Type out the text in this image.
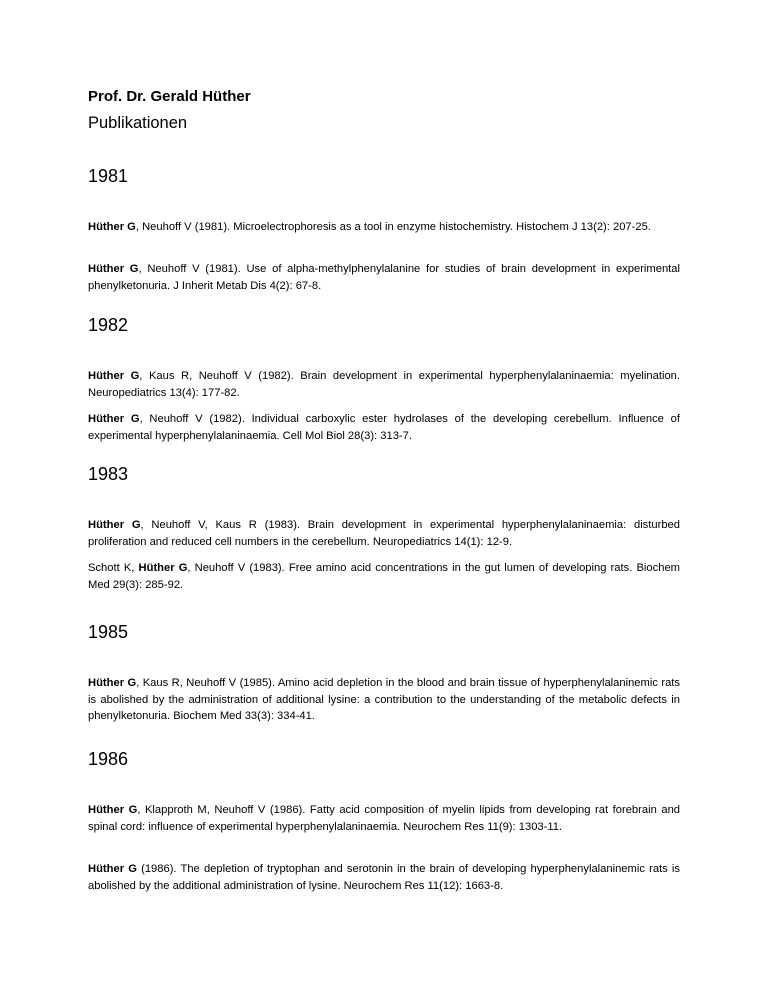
Prof. Dr. Gerald Hüther
Publikationen
1981
Hüther G, Neuhoff V (1981). Microelectrophoresis as a tool in enzyme histochemistry. Histochem J 13(2): 207-25.
Hüther G, Neuhoff V (1981). Use of alpha-methylphenylalanine for studies of brain development in experimental phenylketonuria. J Inherit Metab Dis 4(2): 67-8.
1982
Hüther G, Kaus R, Neuhoff V (1982). Brain development in experimental hyperphenylalaninaemia: myelination. Neuropediatrics 13(4): 177-82.
Hüther G, Neuhoff V (1982). Individual carboxylic ester hydrolases of the developing cerebellum. Influence of experimental hyperphenylalaninaemia. Cell Mol Biol 28(3): 313-7.
1983
Hüther G, Neuhoff V, Kaus R (1983). Brain development in experimental hyperphenylalaninaemia: disturbed proliferation and reduced cell numbers in the cerebellum. Neuropediatrics 14(1): 12-9.
Schott K, Hüther G, Neuhoff V (1983). Free amino acid concentrations in the gut lumen of developing rats. Biochem Med 29(3): 285-92.
1985
Hüther G, Kaus R, Neuhoff V (1985). Amino acid depletion in the blood and brain tissue of hyperphenylalaninemic rats is abolished by the administration of additional lysine: a contribution to the understanding of the metabolic defects in phenylketonuria. Biochem Med 33(3): 334-41.
1986
Hüther G, Klapproth M, Neuhoff V (1986). Fatty acid composition of myelin lipids from developing rat forebrain and spinal cord: influence of experimental hyperphenylalaninaemia. Neurochem Res 11(9): 1303-11.
Hüther G (1986). The depletion of tryptophan and serotonin in the brain of developing hyperphenylalaninemic rats is abolished by the additional administration of lysine. Neurochem Res 11(12): 1663-8.
